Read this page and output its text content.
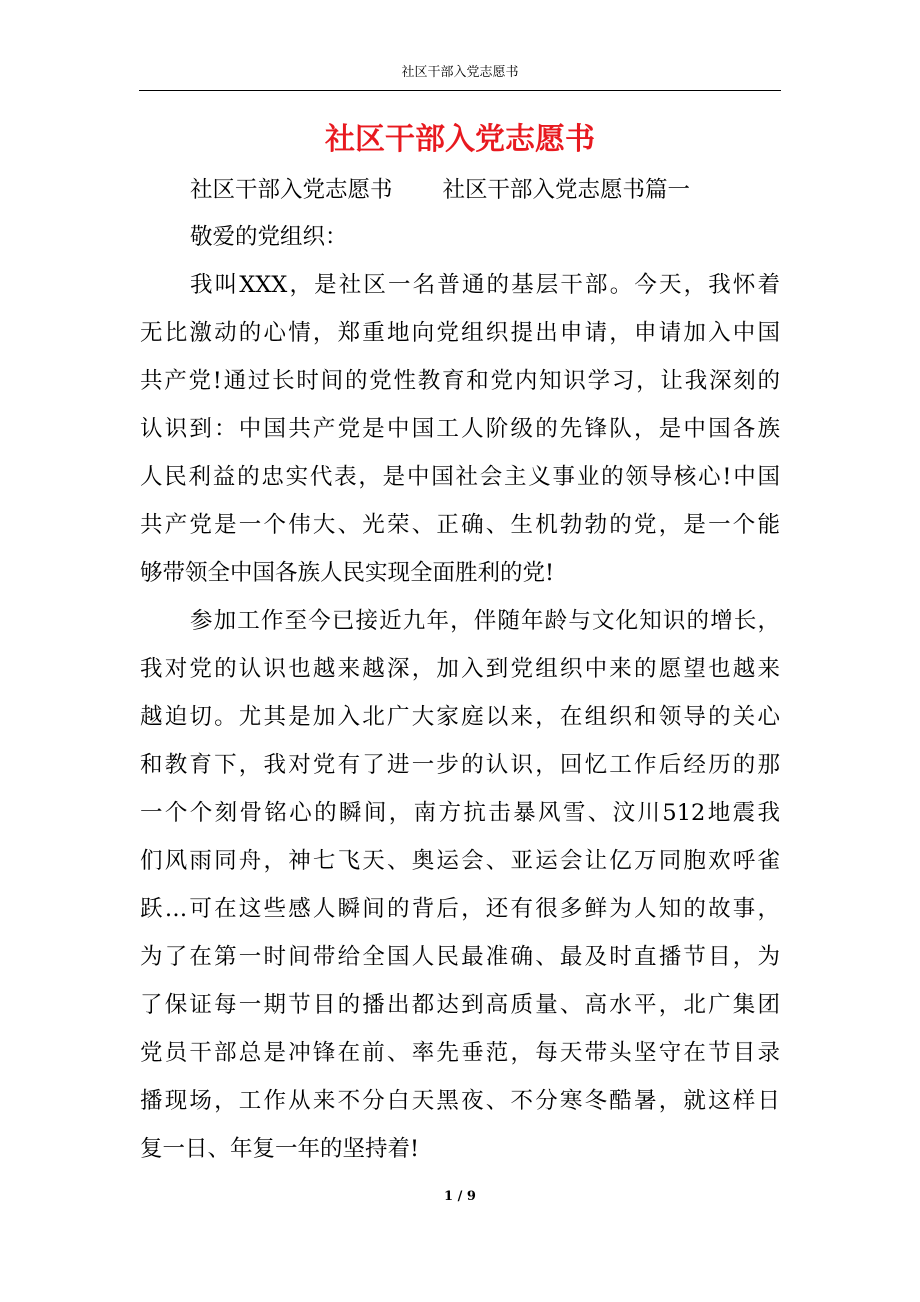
社区干部入党志愿书
社区干部入党志愿书
社区干部入党志愿书 社区干部入党志愿书篇一
敬爱的党组织：
我叫XXX，是社区一名普通的基层干部。今天，我怀着
无比激动的心情，郑重地向党组织提出申请，申请加入中国
共产党!通过长时间的党性教育和党内知识学习，让我深刻的
认识到：中国共产党是中国工人阶级的先锋队，是中国各族
人民利益的忠实代表，是中国社会主义事业的领导核心!中国
共产党是一个伟大、光荣、正确、生机勃勃的党，是一个能
够带领全中国各族人民实现全面胜利的党!
参加工作至今已接近九年，伴随年龄与文化知识的增长，
我对党的认识也越来越深，加入到党组织中来的愿望也越来
越迫切。尤其是加入北广大家庭以来，在组织和领导的关心
和教育下，我对党有了进一步的认识，回忆工作后经历的那
一个个刻骨铭心的瞬间，南方抗击暴风雪、汶川512地震我
们风雨同舟，神七飞天、奥运会、亚运会让亿万同胞欢呼雀
跃…可在这些感人瞬间的背后，还有很多鲜为人知的故事，
为了在第一时间带给全国人民最准确、最及时直播节目，为
了保证每一期节目的播出都达到高质量、高水平，北广集团
党员干部总是冲锋在前、率先垂范，每天带头坚守在节目录
播现场，工作从来不分白天黑夜、不分寒冬酷暑，就这样日
复一日、年复一年的坚持着!
1 / 9
